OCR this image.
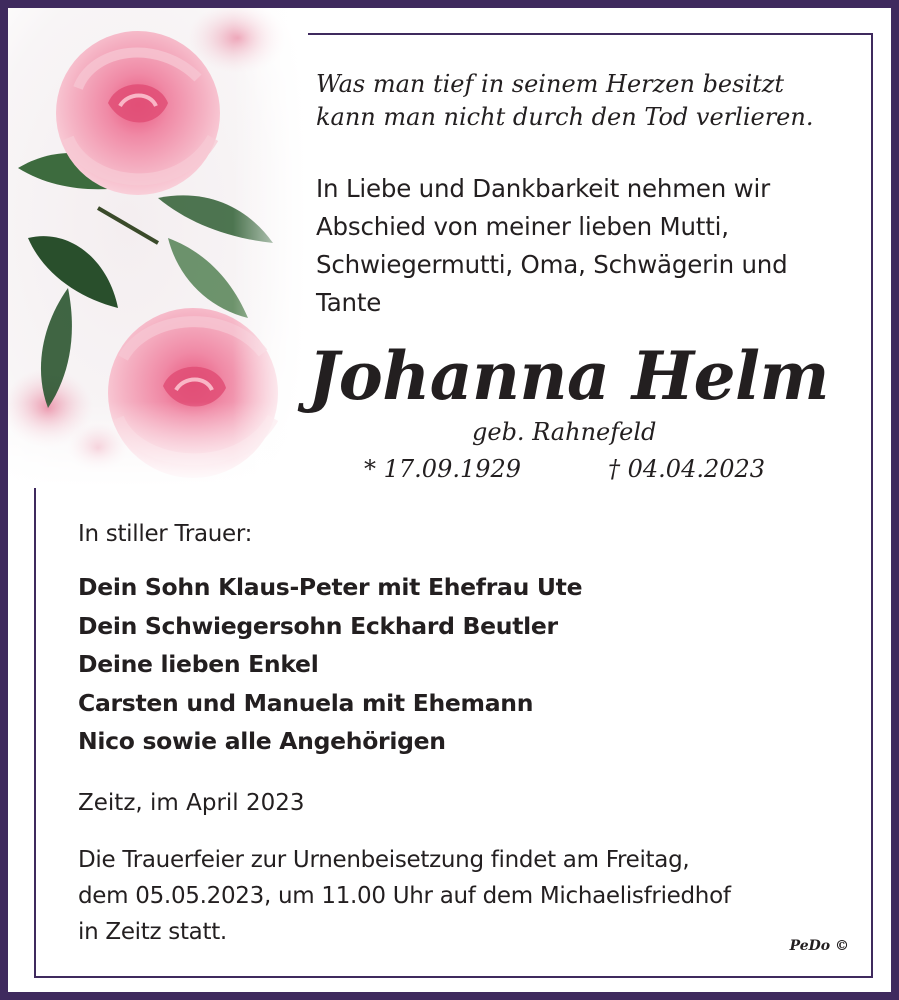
Was man tief in seinem Herzen besitzt
kann man nicht durch den Tod verlieren.
In Liebe und Dankbarkeit nehmen wir
Abschied von meiner lieben Mutti,
Schwiegermutti, Oma, Schwägerin und
Tante
Johanna Helm
geb. Rahnefeld
* 17.09.1929	† 04.04.2023
In stiller Trauer:
Dein Sohn Klaus-Peter mit Ehefrau Ute
Dein Schwiegersohn Eckhard Beutler
Deine lieben Enkel
Carsten und Manuela mit Ehemann
Nico sowie alle Angehörigen
Zeitz, im April 2023
Die Trauerfeier zur Urnenbeisetzung findet am Freitag,
dem 05.05.2023, um 11.00 Uhr auf dem Michaelisfriedhof
in Zeitz statt.
PeDo ©
